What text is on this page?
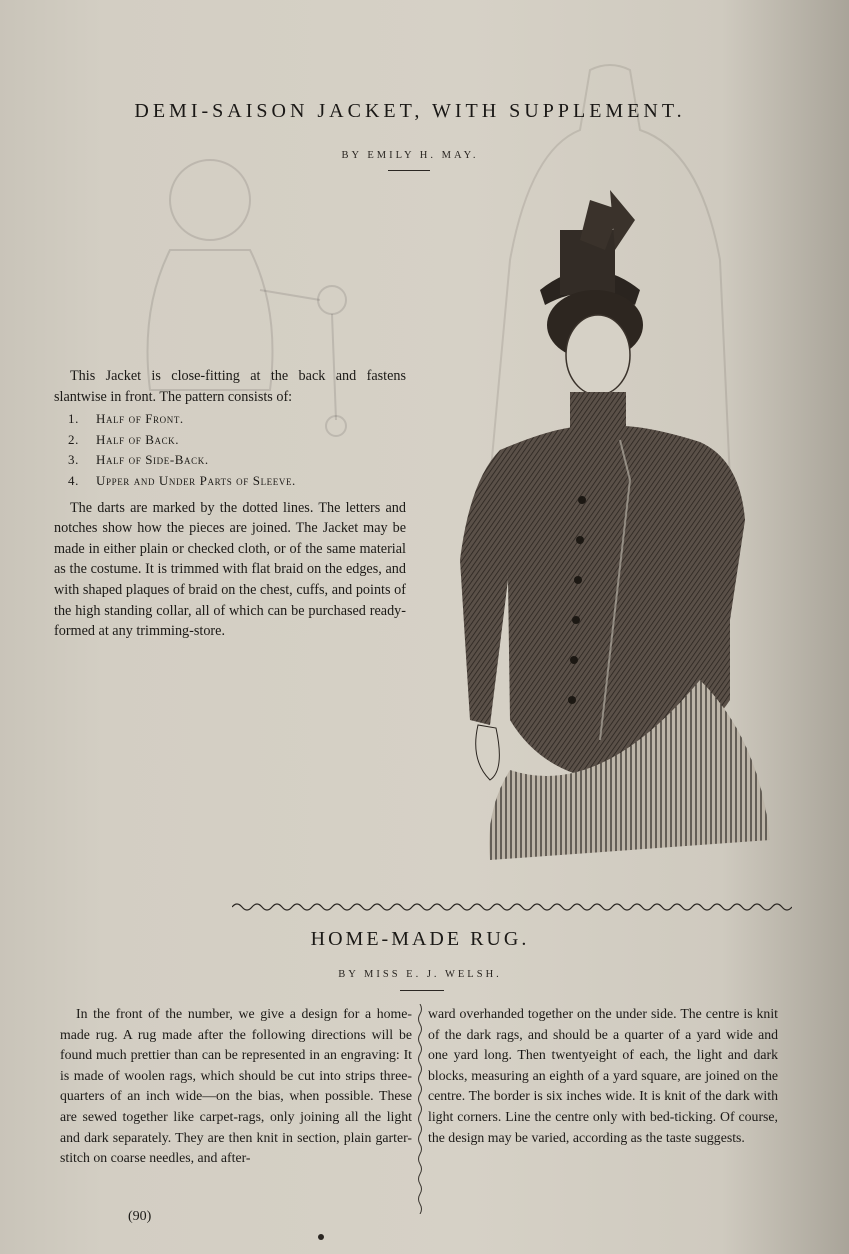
DEMI-SAISON JACKET, WITH SUPPLEMENT.
BY EMILY H. MAY.

This Jacket is close-fitting at the back and fastens slantwise in front. The pattern consists of:

1. Half of Front.
2. Half of Back.
3. Half of Side-Back.
4. Upper and Under Parts of Sleeve.

The darts are marked by the dotted lines. The letters and notches show how the pieces are joined. The Jacket may be made in either plain or checked cloth, or of the same material as the costume. It is trimmed with flat braid on the edges, and with shaped plaques of braid on the chest, cuffs, and points of the high standing collar, all of which can be purchased ready-formed at any trimming-store.

HOME-MADE RUG.
BY MISS E. J. WELSH.

In the front of the number, we give a design for a home-made rug. A rug made after the following directions will be found much prettier than can be represented in an engraving: It is made of woolen rags, which should be cut into strips three-quarters of an inch wide—on the bias, when possible. These are sewed together like carpet-rags, only joining all the light and dark separately. They are then knit in section, plain garter-stitch on coarse needles, and after-

ward overhanded together on the under side. The centre is knit of the dark rags, and should be a quarter of a yard wide and one yard long. Then twentyeight of each, the light and dark blocks, measuring an eighth of a yard square, are joined on the centre. The border is six inches wide. It is knit of the dark with light corners. Line the centre only with bed-ticking. Of course, the design may be varied, according as the taste suggests.

(90)
